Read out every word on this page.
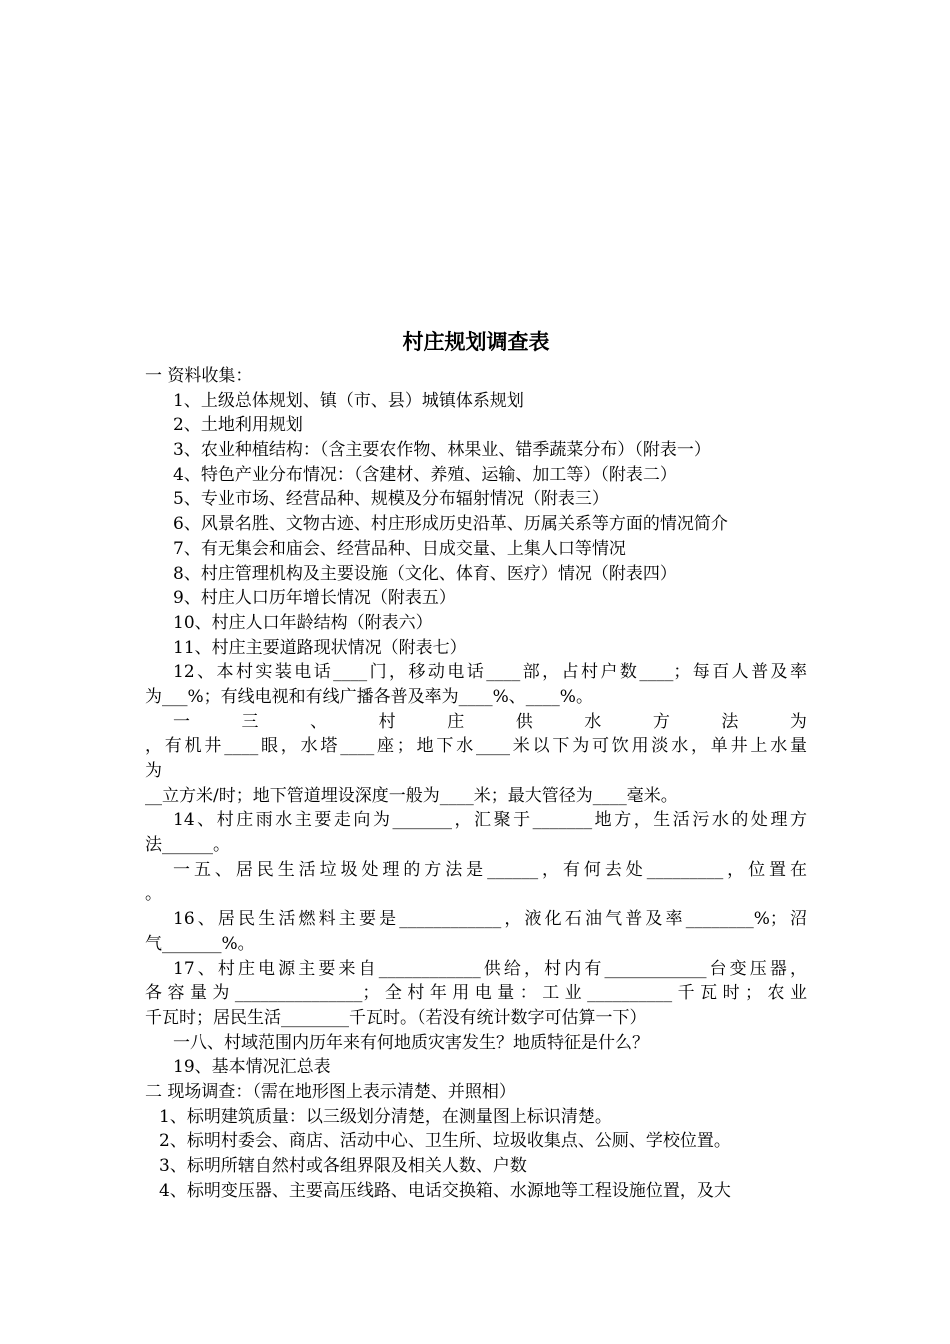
村庄规划调查表
一 资料收集：
1、上级总体规划、镇（市、县）城镇体系规划
2、土地利用规划
3、农业种植结构：（含主要农作物、林果业、错季蔬菜分布）（附表一）
4、特色产业分布情况：（含建材、养殖、运输、加工等）（附表二）
5、专业市场、经营品种、规模及分布辐射情况（附表三）
6、风景名胜、文物古迹、村庄形成历史沿革、历属关系等方面的情况简介
7、有无集会和庙会、经营品种、日成交量、上集人口等情况
8、村庄管理机构及主要设施（文化、体育、医疗）情况（附表四）
9、村庄人口历年增长情况（附表五）
10、村庄人口年龄结构（附表六）
11、村庄主要道路现状情况（附表七）
12、本村实装电话____门，移动电话____部，占村户数____；每百人普及率
为___%；有线电视和有线广播各普及率为____%、____%。
一	三	、	村	庄	供	水	方	法	为
，有机井____眼，水塔____座；地下水____米以下为可饮用淡水，单井上水量
为
__立方米/时；地下管道埋设深度一般为____米；最大管径为____毫米。
14、村庄雨水主要走向为_______，汇聚于_______地方，生活污水的处理方
法______。
一五、居民生活垃圾处理的方法是______，有何去处_________，位置在
。
16、居民生活燃料主要是____________，液化石油气普及率________%；沼
气_______%。
17、村庄电源主要来自____________供给，村内有____________台变压器，
各容量为_______________；全村年用电量：工业__________千瓦时；农业
千瓦时；居民生活________千瓦时。（若没有统计数字可估算一下）
一八、村域范围内历年来有何地质灾害发生？地质特征是什么？
19、基本情况汇总表
二 现场调查：（需在地形图上表示清楚、并照相）
1、标明建筑质量：以三级划分清楚，在测量图上标识清楚。
2、标明村委会、商店、活动中心、卫生所、垃圾收集点、公厕、学校位置。
3、标明所辖自然村或各组界限及相关人数、户数
4、标明变压器、主要高压线路、电话交换箱、水源地等工程设施位置，及大
